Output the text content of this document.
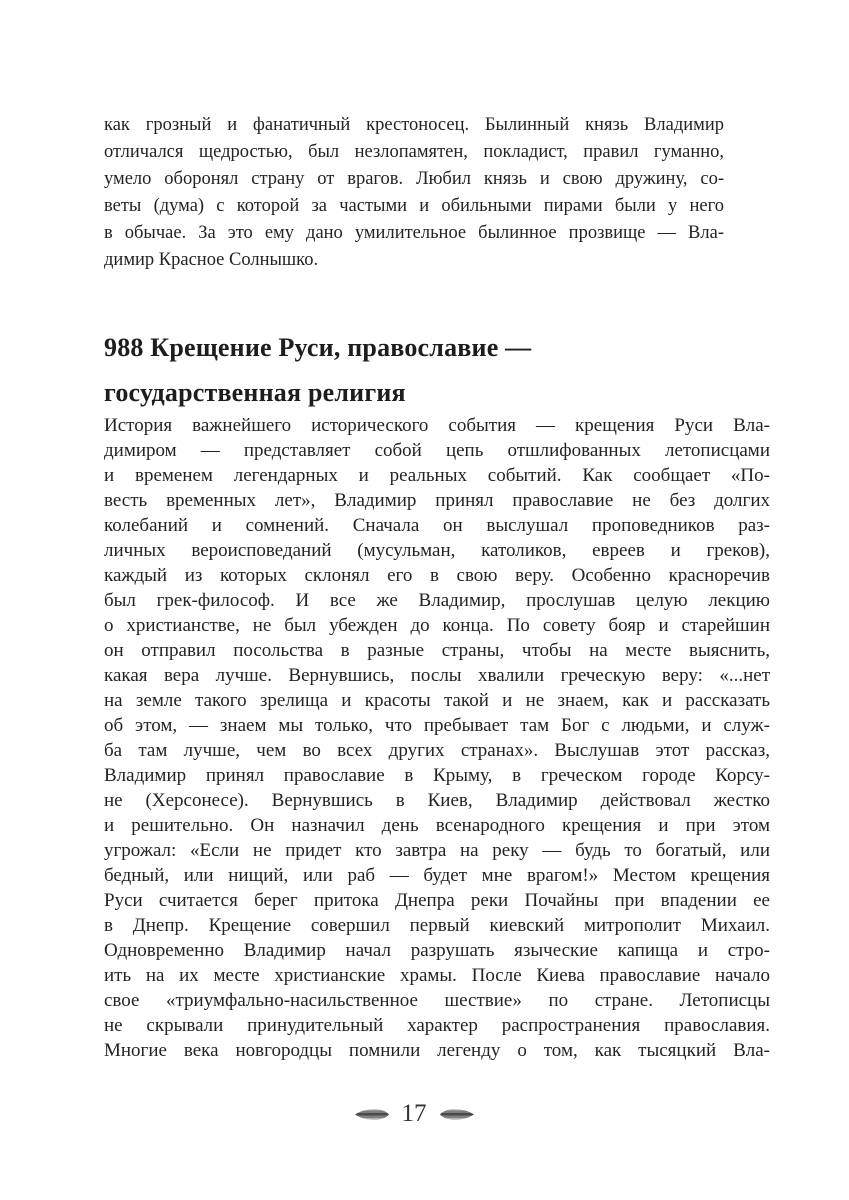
как грозный и фанатичный крестоносец. Былинный князь Владимир
отличался щедростью, был незлопамятен, покладист, правил гуманно,
умело оборонял страну от врагов. Любил князь и свою дружину, со-
веты (дума) с которой за частыми и обильными пирами были у него
в обычае. За это ему дано умилительное былинное прозвище — Вла-
димир Красное Солнышко.
988 Крещение Руси, православие —
государственная религия
История важнейшего исторического события — крещения Руси Вла-
димиром — представляет собой цепь отшлифованных летописцами
и временем легендарных и реальных событий. Как сообщает «По-
весть временных лет», Владимир принял православие не без долгих
колебаний и сомнений. Сначала он выслушал проповедников раз-
личных вероисповеданий (мусульман, католиков, евреев и греков),
каждый из которых склонял его в свою веру. Особенно красноречив
был грек-философ. И все же Владимир, прослушав целую лекцию
о христианстве, не был убежден до конца. По совету бояр и старейшин
он отправил посольства в разные страны, чтобы на месте выяснить,
какая вера лучше. Вернувшись, послы хвалили греческую веру: «...нет
на земле такого зрелища и красоты такой и не знаем, как и рассказать
об этом, — знаем мы только, что пребывает там Бог с людьми, и служ-
ба там лучше, чем во всех других странах». Выслушав этот рассказ,
Владимир принял православие в Крыму, в греческом городе Корсу-
не (Херсонесе). Вернувшись в Киев, Владимир действовал жестко
и решительно. Он назначил день всенародного крещения и при этом
угрожал: «Если не придет кто завтра на реку — будь то богатый, или
бедный, или нищий, или раб — будет мне врагом!» Местом крещения
Руси считается берег притока Днепра реки Почайны при впадении ее
в Днепр. Крещение совершил первый киевский митрополит Михаил.
Одновременно Владимир начал разрушать языческие капища и стро-
ить на их месте христианские храмы. После Киева православие начало
свое «триумфально-насильственное шествие» по стране. Летописцы
не скрывали принудительный характер распространения православия.
Многие века новгородцы помнили легенду о том, как тысяцкий Вла-
17
